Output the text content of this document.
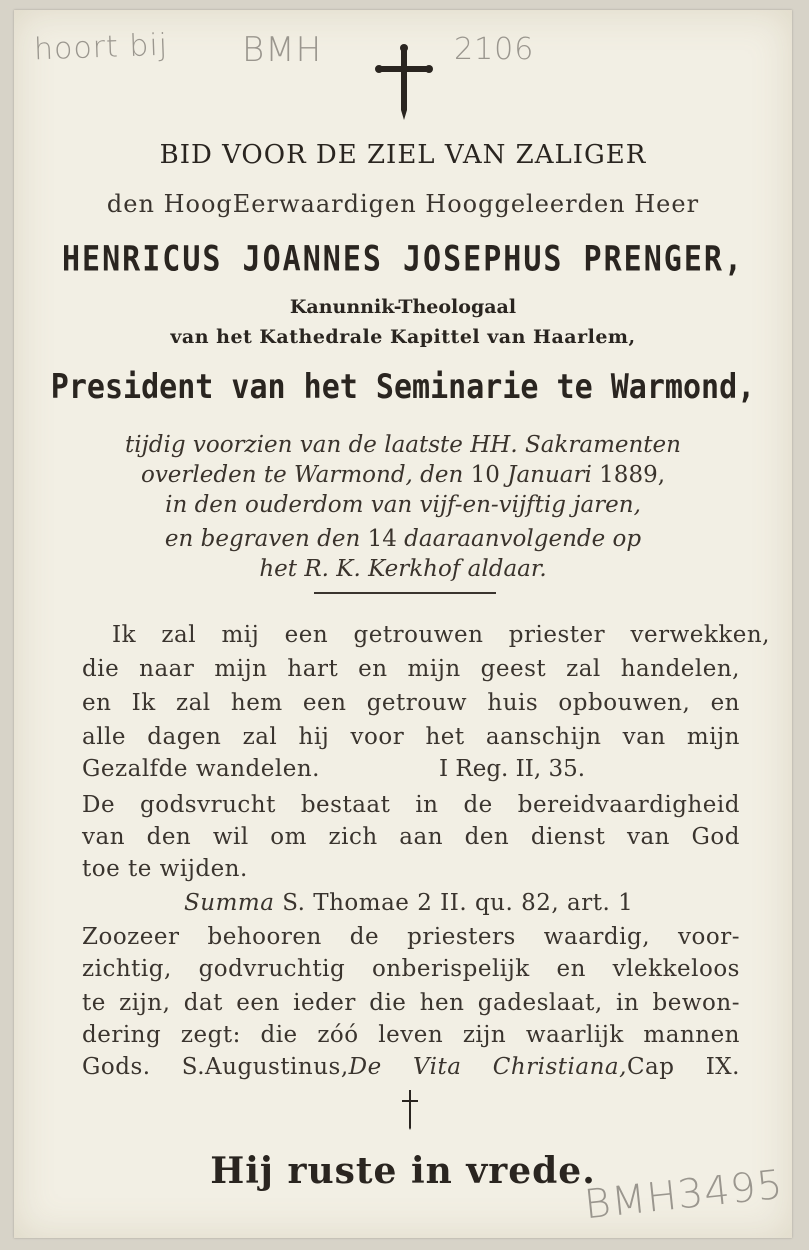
hoort bij BMH	2106
BID VOOR DE ZIEL VAN ZALIGER
den HoogEerwaardigen Hooggeleerden Heer
HENRICUS JOANNES JOSEPHUS PRENGER,
Kanunnik-Theologaal
van het Kathedrale Kapittel van Haarlem,
President van het Seminarie te Warmond,
tijdig voorzien van de laatste HH. Sakramenten
overleden te Warmond, den 10 Januari 1889,
in den ouderdom van vijf-en-vijftig jaren,
en begraven den 14 daaraanvolgende op
het R. K. Kerkhof aldaar.
Ik zal mij een getrouwen priester verwekken,
die naar mijn hart en mijn geest zal handelen,
en Ik zal hem een getrouw huis opbouwen, en
alle dagen zal hij voor het aanschijn van mijn
Gezalfde wandelen.	I Reg. II, 35.
De godsvrucht bestaat in de bereidvaardigheid
van den wil om zich aan den dienst van God
toe te wijden.
Summa S. Thomae 2 II. qu. 82, art. 1
Zoozeer behooren de priesters waardig, voor-
zichtig, godvruchtig onberispelijk en vlekkeloos
te zijn, dat een ieder die hen gadeslaat, in bewon-
dering zegt: die zóó leven zijn waarlijk mannen
Gods. S.Augustinus,De Vita Christiana,Cap IX.
Hij ruste in vrede.
BMH3495
